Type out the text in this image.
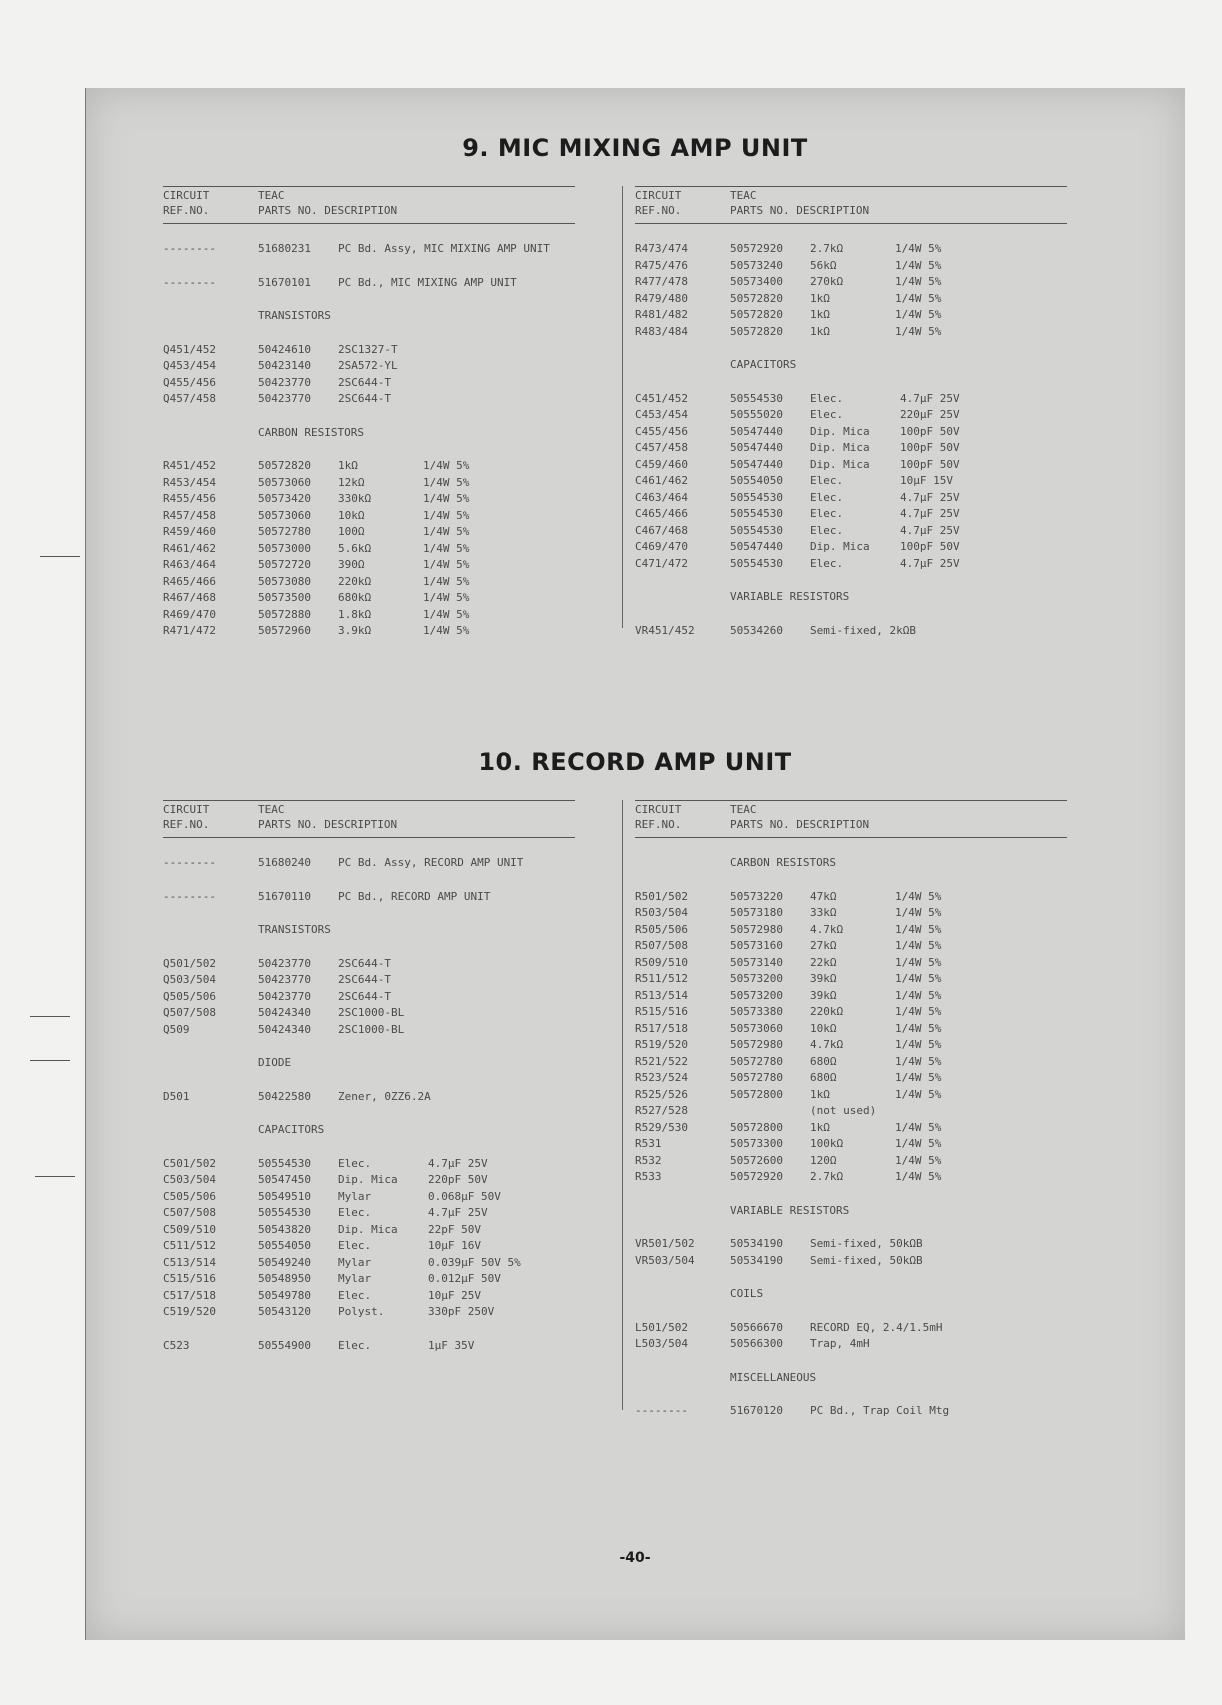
9. MIC MIXING AMP UNIT
10. RECORD AMP UNIT
CIRCUIT
REF.NO.
TEAC
PARTS NO. DESCRIPTION
--------	51680231 PC Bd. Assy, MIC MIXING AMP UNIT
--------	51670101 PC Bd., MIC MIXING AMP UNIT
TRANSISTORS
Q451/452	50424610 2SC1327-T
Q453/454	50423140 2SA572-YL
Q455/456	50423770 2SC644-T
Q457/458	50423770 2SC644-T
CARBON RESISTORS
R451/452	50572820 1kΩ	1/4W 5%
R453/454	50573060 12kΩ	1/4W 5%
R455/456	50573420 330kΩ	1/4W 5%
R457/458	50573060 10kΩ	1/4W 5%
R459/460	50572780 100Ω	1/4W 5%
R461/462	50573000 5.6kΩ	1/4W 5%
R463/464	50572720 390Ω	1/4W 5%
R465/466	50573080 220kΩ	1/4W 5%
R467/468	50573500 680kΩ	1/4W 5%
R469/470	50572880 1.8kΩ	1/4W 5%
R471/472	50572960 3.9kΩ	1/4W 5%
CIRCUIT
REF.NO.
TEAC
PARTS NO. DESCRIPTION
R473/474	50572920 2.7kΩ	1/4W 5%
R475/476	50573240 56kΩ	1/4W 5%
R477/478	50573400 270kΩ	1/4W 5%
R479/480	50572820 1kΩ	1/4W 5%
R481/482	50572820 1kΩ	1/4W 5%
R483/484	50572820 1kΩ	1/4W 5%
CAPACITORS
C451/452	50554530 Elec.	4.7μF 25V
C453/454	50555020 Elec.	220μF 25V
C455/456	50547440 Dip. Mica	100pF 50V
C457/458	50547440 Dip. Mica	100pF 50V
C459/460	50547440 Dip. Mica	100pF 50V
C461/462	50554050 Elec.	10μF 15V
C463/464	50554530 Elec.	4.7μF 25V
C465/466	50554530 Elec.	4.7μF 25V
C467/468	50554530 Elec.	4.7μF 25V
C469/470	50547440 Dip. Mica	100pF 50V
C471/472	50554530 Elec.	4.7μF 25V
VARIABLE RESISTORS
VR451/452	50534260 Semi-fixed, 2kΩB
CIRCUIT
REF.NO.
TEAC
PARTS NO. DESCRIPTION
--------	51680240 PC Bd. Assy, RECORD AMP UNIT
--------	51670110 PC Bd., RECORD AMP UNIT
TRANSISTORS
Q501/502	50423770 2SC644-T
Q503/504	50423770 2SC644-T
Q505/506	50423770 2SC644-T
Q507/508	50424340 2SC1000-BL
Q509	50424340 2SC1000-BL
DIODE
D501	50422580 Zener, 0ZZ6.2A
CAPACITORS
C501/502	50554530 Elec.	4.7μF 25V
C503/504	50547450 Dip. Mica	220pF 50V
C505/506	50549510 Mylar	0.068μF 50V
C507/508	50554530 Elec.	4.7μF 25V
C509/510	50543820 Dip. Mica	22pF 50V
C511/512	50554050 Elec.	10μF 16V
C513/514	50549240 Mylar	0.039μF 50V 5%
C515/516	50548950 Mylar	0.012μF 50V
C517/518	50549780 Elec.	10μF 25V
C519/520	50543120 Polyst.	330pF 250V
C523	50554900 Elec.	1μF 35V
CIRCUIT
REF.NO.
TEAC
PARTS NO. DESCRIPTION
CARBON RESISTORS
R501/502	50573220 47kΩ	1/4W 5%
R503/504	50573180 33kΩ	1/4W 5%
R505/506	50572980 4.7kΩ	1/4W 5%
R507/508	50573160 27kΩ	1/4W 5%
R509/510	50573140 22kΩ	1/4W 5%
R511/512	50573200 39kΩ	1/4W 5%
R513/514	50573200 39kΩ	1/4W 5%
R515/516	50573380 220kΩ	1/4W 5%
R517/518	50573060 10kΩ	1/4W 5%
R519/520	50572980 4.7kΩ	1/4W 5%
R521/522	50572780 680Ω	1/4W 5%
R523/524	50572780 680Ω	1/4W 5%
R525/526	50572800 1kΩ	1/4W 5%
R527/528	(not used)
R529/530	50572800 1kΩ	1/4W 5%
R531	50573300 100kΩ	1/4W 5%
R532	50572600 120Ω	1/4W 5%
R533	50572920 2.7kΩ	1/4W 5%
VARIABLE RESISTORS
VR501/502	50534190 Semi-fixed, 50kΩB
VR503/504	50534190 Semi-fixed, 50kΩB
COILS
L501/502	50566670 RECORD EQ, 2.4/1.5mH
L503/504	50566300 Trap, 4mH
MISCELLANEOUS
--------	51670120 PC Bd., Trap Coil Mtg
-40-
